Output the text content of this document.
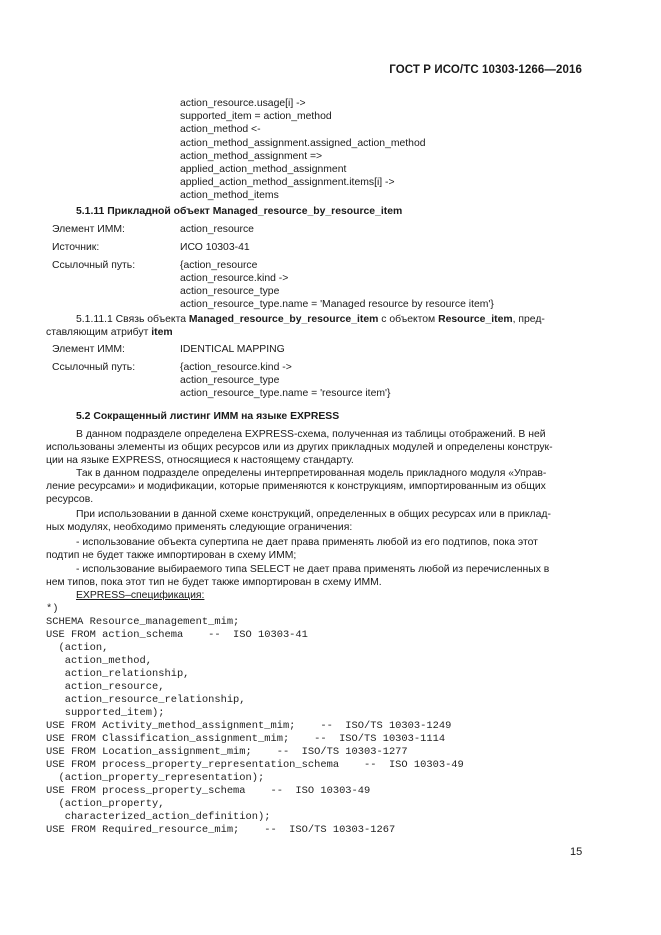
ГОСТ Р ИСО/ТС 10303-1266—2016
action_resource.usage[i] ->
supported_item = action_method
action_method <-
action_method_assignment.assigned_action_method
action_method_assignment =>
applied_action_method_assignment
applied_action_method_assignment.items[i] ->
action_method_items
5.1.11 Прикладной объект Managed_resource_by_resource_item
Элемент ИММ:	action_resource
Источник:	ИСО 10303-41
Ссылочный путь:	{action_resource
action_resource.kind ->
action_resource_type
action_resource_type.name = 'Managed resource by resource item'}
5.1.11.1 Связь объекта Managed_resource_by_resource_item с объектом Resource_item, пред-
ставляющим атрибут item
Элемент ИММ:	IDENTICAL MAPPING
Ссылочный путь:	{action_resource.kind ->
action_resource_type
action_resource_type.name = 'resource item'}
5.2 Сокращенный листинг ИММ на языке EXPRESS
В данном подразделе определена EXPRESS-схема, полученная из таблицы отображений. В ней
использованы элементы из общих ресурсов или из других прикладных модулей и определены конструк-
ции на языке EXPRESS, относящиеся к настоящему стандарту.
Так в данном подразделе определены интерпретированная модель прикладного модуля «Управ-
ление ресурсами» и модификации, которые применяются к конструкциям, импортированным из общих
ресурсов.
При использовании в данной схеме конструкций, определенных в общих ресурсах или в приклад-
ных модулях, необходимо применять следующие ограничения:
- использование объекта супертипа не дает права применять любой из его подтипов, пока этот
подтип не будет также импортирован в схему ИММ;
- использование выбираемого типа SELECT не дает права применять любой из перечисленных в
нем типов, пока этот тип не будет также импортирован в схему ИММ.
EXPRESS–спецификация:
*)
SCHEMA Resource_management_mim;
USE FROM action_schema    --  ISO 10303-41
(action,
action_method,
action_relationship,
action_resource,
action_resource_relationship,
supported_item);
USE FROM Activity_method_assignment_mim;    --  ISO/TS 10303-1249
USE FROM Classification_assignment_mim;    --  ISO/TS 10303-1114
USE FROM Location_assignment_mim;    --  ISO/TS 10303-1277
USE FROM process_property_representation_schema    --  ISO 10303-49
(action_property_representation);
USE FROM process_property_schema    --  ISO 10303-49
(action_property,
characterized_action_definition);
USE FROM Required_resource_mim;    --  ISO/TS 10303-1267
15
